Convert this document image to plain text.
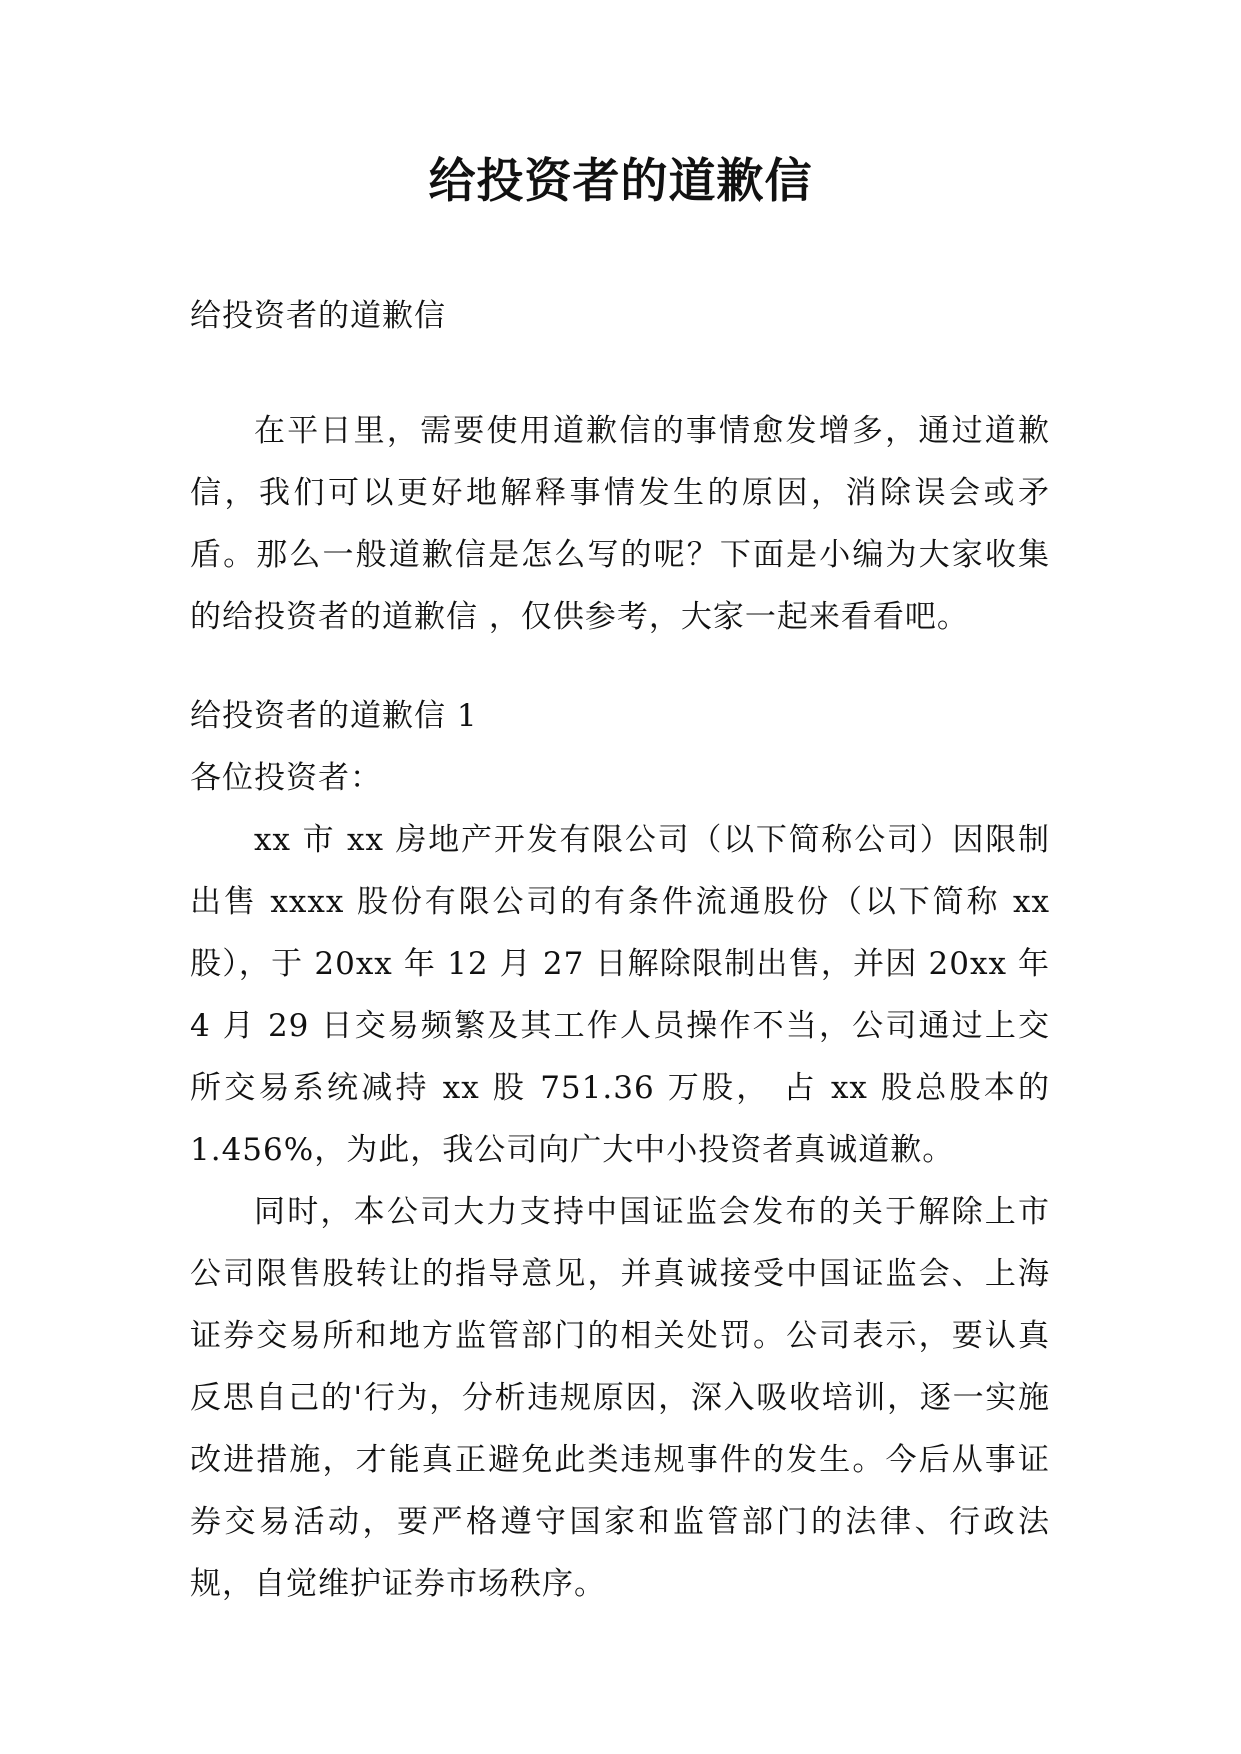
给投资者的道歉信

给投资者的道歉信

在平日里，需要使用道歉信的事情愈发增多，通过道歉信，我们可以更好地解释事情发生的原因，消除误会或矛盾。那么一般道歉信是怎么写的呢？下面是小编为大家收集的给投资者的道歉信 ，仅供参考，大家一起来看看吧。

给投资者的道歉信 1

各位投资者：

xx 市 xx 房地产开发有限公司（以下简称公司）因限制出售 xxxx 股份有限公司的有条件流通股份（以下简称 xx 股），于 20xx 年 12 月 27 日解除限制出售，并因 20xx 年 4 月 29 日交易频繁及其工作人员操作不当，公司通过上交所交易系统减持 xx 股 751.36 万股， 占 xx 股总股本的 1.456%，为此，我公司向广大中小投资者真诚道歉。

同时，本公司大力支持中国证监会发布的关于解除上市公司限售股转让的指导意见，并真诚接受中国证监会、上海证券交易所和地方监管部门的相关处罚。公司表示，要认真反思自己的'行为，分析违规原因，深入吸收培训，逐一实施改进措施，才能真正避免此类违规事件的发生。今后从事证券交易活动，要严格遵守国家和监管部门的法律、行政法规，自觉维护证券市场秩序。
